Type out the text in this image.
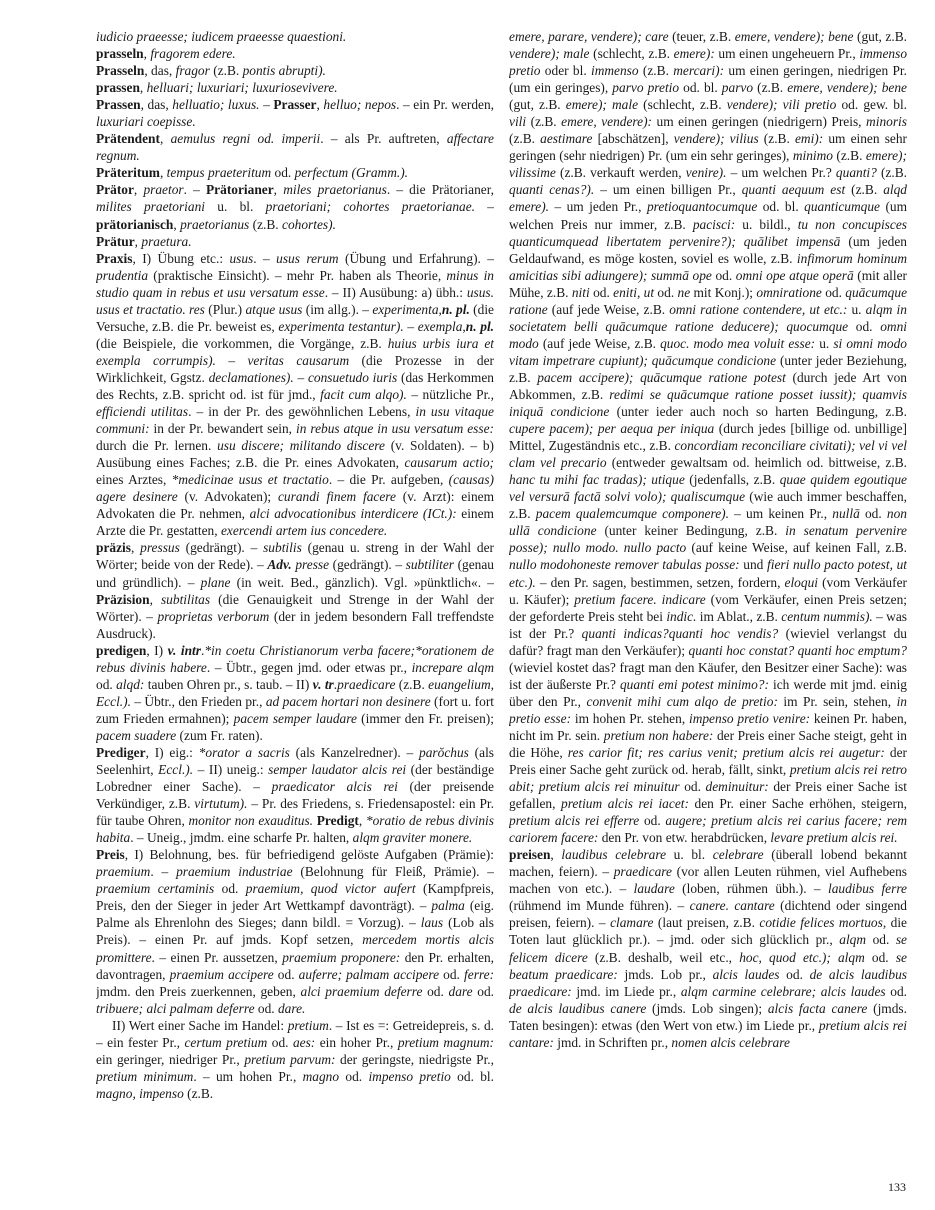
iudicio praeesse; iudicem praeesse quaestioni.

prasseln, fragorem edere.

Prasseln, das, fragor (z.B. pontis abrupti).

prassen, helluari; luxuriari; luxuriosevivere.

Prassen, das, helluatio; luxus. – Prasser, helluo; nepos. – ein Pr. werden, luxuriari coepisse.

Prätendent, aemulus regni od. imperii. – als Pr. auftreten, affectare regnum.

Präteritum, tempus praeteritum od. perfectum (Gramm.).

Prätor, praetor. – Prätorianer, miles praetorianus. – die Prätorianer, milites praetoriani u. bl. praetoriani; cohortes praetorianae. – prätorianisch, praetorianus (z.B. cohortes).

Prätur, praetura.

Praxis, I) Übung etc.: usus. – usus rerum (Übung und Erfahrung). – prudentia (praktische Einsicht). – mehr Pr. haben als Theorie, minus in studio quam in rebus et usu versatum esse. – II) Ausübung: a) übh.: usus. usus et tractatio. res (Plur.) atque usus (im allg.). – experimenta,n. pl. (die Versuche, z.B. die Pr. beweist es, experimenta testantur). – exempla,n. pl. (die Beispiele, die vorkommen, die Vorgänge, z.B. huius urbis iura et exempla corrumpis). – veritas causarum (die Prozesse in der Wirklichkeit, Ggstz. declamationes). – consuetudo iuris (das Herkommen des Rechts, z.B. spricht od. ist für jmd., facit cum alqo). – nützliche Pr., efficiendi utilitas. – in der Pr. des gewöhnlichen Lebens, in usu vitaque communi: in der Pr. bewandert sein, in rebus atque in usu versatum esse: durch die Pr. lernen. usu discere; militando discere (v. Soldaten). – b) Ausübung eines Faches; z.B. die Pr. eines Advokaten, causarum actio; eines Arztes, *medicinae usus et tractatio. – die Pr. aufgeben, (causas) agere desinere (v. Advokaten); curandi finem facere (v. Arzt): einem Advokaten die Pr. nehmen, alci advocationibus interdicere (ICt.): einem Arzte die Pr. gestatten, exercendi artem ius concedere.

präzis, pressus (gedrängt). – subtilis (genau u. streng in der Wahl der Wörter; beide von der Rede). – Adv. presse (gedrängt). – subtiliter (genau und gründlich). – plane (in weit. Bed., gänzlich). Vgl. »pünktlich«. – Präzision, subtilitas (die Genauigkeit und Strenge in der Wahl der Wörter). – proprietas verborum (der in jedem besondern Fall treffendste Ausdruck).

predigen, I) v. intr.*in coetu Christianorum verba facere;*orationem de rebus divinis habere. – Übtr., gegen jmd. oder etwas pr., increpare alqm od. alqd: tauben Ohren pr., s. taub. – II) v. tr.praedicare (z.B. euangelium, Eccl.). – Übtr., den Frieden pr., ad pacem hortari non desinere (fort u. fort zum Frieden ermahnen); pacem semper laudare (immer den Fr. preisen); pacem suadere (zum Fr. raten).

Prediger, I) eig.: *orator a sacris (als Kanzelredner). – parŏchus (als Seelenhirt, Eccl.). – II) uneig.: semper laudator alcis rei (der beständige Lobredner einer Sache). – praedicator alcis rei (der preisende Verkündiger, z.B. virtutum). – Pr. des Friedens, s. Friedensapostel: ein Pr. für taube Ohren, monitor non exauditus. Predigt, *oratio de rebus divinis habita. – Uneig., jmdm. eine scharfe Pr. halten, alqm graviter monere.

Preis, I) Belohnung, bes. für befriedigend gelöste Aufgaben (Prämie): praemium. – praemium industriae (Belohnung für Fleiß, Prämie). – praemium certaminis od. praemium, quod victor aufert (Kampfpreis, Preis, den der Sieger in jeder Art Wettkampf davonträgt). – palma (eig. Palme als Ehrenlohn des Sieges; dann bildl. = Vorzug). – laus (Lob als Preis). – einen Pr. auf jmds. Kopf setzen, mercedem mortis alcis promittere. – einen Pr. aussetzen, praemium proponere: den Pr. erhalten, davontragen, praemium accipere od. auferre; palmam accipere od. ferre: jmdm. den Preis zuerkennen, geben, alci praemium deferre od. dare od. tribuere; alci palmam deferre od. dare.

II) Wert einer Sache im Handel: pretium. – Ist es =: Getreidepreis, s. d. – ein fester Pr., certum pretium od. aes: ein hoher Pr., pretium magnum: ein geringer, niedriger Pr., pretium parvum: der geringste, niedrigste Pr., pretium minimum. – um hohen Pr., magno od. impenso pretio od. bl. magno, impenso (z.B.

emere, parare, vendere); care (teuer, z.B. emere, vendere); bene (gut, z.B. vendere); male (schlecht, z.B. emere): um einen ungeheuern Pr., immenso pretio oder bl. immenso (z.B. mercari): um einen geringen, niedrigen Pr. (um ein geringes), parvo pretio od. bl. parvo (z.B. emere, vendere); bene (gut, z.B. emere); male (schlecht, z.B. vendere); vili pretio od. gew. bl. vili (z.B. emere, vendere): um einen geringen (niedrigern) Preis, minoris (z.B. aestimare [abschätzen], vendere); vilius (z.B. emi): um einen sehr geringen (sehr niedrigen) Pr. (um ein sehr geringes), minimo (z.B. emere); vilissime (z.B. verkauft werden, venire). – um welchen Pr.? quanti? (z.B. quanti cenas?). – um einen billigen Pr., quanti aequum est (z.B. alqd emere). – um jeden Pr., pretioquantocumque od. bl. quanticumque (um welchen Preis nur immer, z.B. pacisci: u. bildl., tu non concupisces quanticumquead libertatem pervenire?); quālibet impensā (um jeden Geldaufwand, es möge kosten, soviel es wolle, z.B. infimorum hominum amicitias sibi adiungere); summā ope od. omni ope atque operā (mit aller Mühe, z.B. niti od. eniti, ut od. ne mit Konj.); omniratione od. quācumque ratione (auf jede Weise, z.B. omni ratione contendere, ut etc.: u. alqm in societatem belli quācumque ratione deducere); quocumque od. omni modo (auf jede Weise, z.B. quoc. modo mea voluit esse: u. si omni modo vitam impetrare cupiunt); quācumque condicione (unter jeder Beziehung, z.B. pacem accipere); quācumque ratione potest (durch jede Art von Abkommen, z.B. redimi se quācumque ratione posset iussit); quamvis iniquā condicione (unter ieder auch noch so harten Bedingung, z.B. cupere pacem); per aequa per iniqua (durch jedes [billige od. unbillige] Mittel, Zugeständnis etc., z.B. concordiam reconciliare civitati); vel vi vel clam vel precario (entweder gewaltsam od. heimlich od. bittweise, z.B. hanc tu mihi fac tradas); utique (jedenfalls, z.B. quae quidem egoutique vel versurā factā solvi volo); qualiscumque (wie auch immer beschaffen, z.B. pacem qualemcumque componere). – um keinen Pr., nullā od. non ullā condicione (unter keiner Bedingung, z.B. in senatum pervenire posse); nullo modo. nullo pacto (auf keine Weise, auf keinen Fall, z.B. nullo modohoneste remover tabulas posse: und fieri nullo pacto potest, ut etc.). – den Pr. sagen, bestimmen, setzen, fordern, eloqui (vom Verkäufer u. Käufer); pretium facere. indicare (vom Verkäufer, einen Preis setzen; der geforderte Preis steht bei indic. im Ablat., z.B. centum nummis). – was ist der Pr.? quanti indicas?quanti hoc vendis? (wieviel verlangst du dafür? fragt man den Verkäufer); quanti hoc constat? quanti hoc emptum? (wieviel kostet das? fragt man den Käufer, den Besitzer einer Sache): was ist der äußerste Pr.? quanti emi potest minimo?: ich werde mit jmd. einig über den Pr., convenit mihi cum alqo de pretio: im Pr. sein, stehen, in pretio esse: im hohen Pr. stehen, impenso pretio venire: keinen Pr. haben, nicht im Pr. sein. pretium non habere: der Preis einer Sache steigt, geht in die Höhe, res carior fit; res carius venit; pretium alcis rei augetur: der Preis einer Sache geht zurück od. herab, fällt, sinkt, pretium alcis rei retro abit; pretium alcis rei minuitur od. deminuitur: der Preis einer Sache ist gefallen, pretium alcis rei iacet: den Pr. einer Sache erhöhen, steigern, pretium alcis rei efferre od. augere; pretium alcis rei carius facere; rem cariorem facere: den Pr. von etw. herabdrücken, levare pretium alcis rei.

preisen, laudibus celebrare u. bl. celebrare (überall lobend bekannt machen, feiern). – praedicare (vor allen Leuten rühmen, viel Aufhebens machen von etc.). – laudare (loben, rühmen übh.). – laudibus ferre (rühmend im Munde führen). – canere. cantare (dichtend oder singend preisen, feiern). – clamare (laut preisen, z.B. cotidie felices mortuos, die Toten laut glücklich pr.). – jmd. oder sich glücklich pr., alqm od. se felicem dicere (z.B. deshalb, weil etc., hoc, quod etc.); alqm od. se beatum praedicare: jmds. Lob pr., alcis laudes od. de alcis laudibus praedicare: jmd. im Liede pr., alqm carmine celebrare; alcis laudes od. de alcis laudibus canere (jmds. Lob singen); alcis facta canere (jmds. Taten besingen): etwas (den Wert von etw.) im Liede pr., pretium alcis rei cantare: jmd. in Schriften pr., nomen alcis celebrare

133
